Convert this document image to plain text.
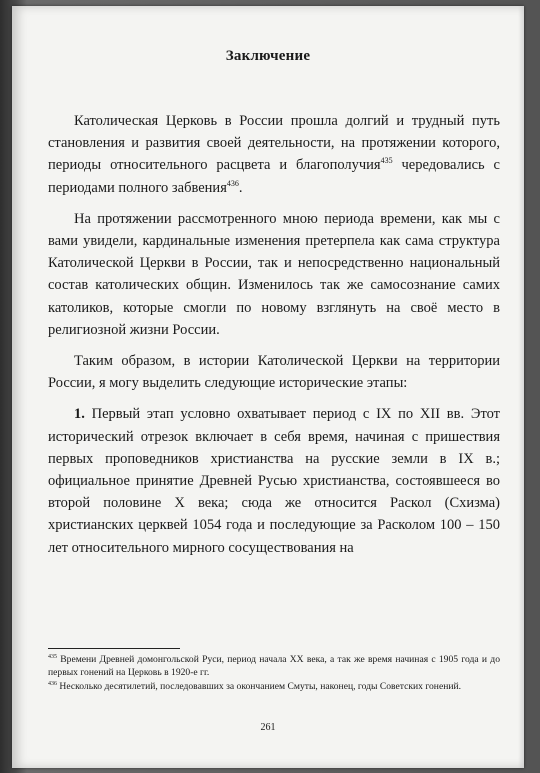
Заключение

Католическая Церковь в России прошла долгий и трудный путь становления и развития своей деятельности, на протяжении которого, периоды относительного расцвета и благополучия$^{435}$ чередовались с периодами полного забвения$^{436}$.

На протяжении рассмотренного мною периода времени, как мы с вами увидели, кардинальные изменения претерпела как сама структура Католической Церкви в России, так и непосредственно национальный состав католических общин. Изменилось так же самосознание самих католиков, которые смогли по новому взглянуть на своё место в религиозной жизни России.

Таким образом, в истории Католической Церкви на территории России, я могу выделить следующие исторические этапы:

1. Первый этап условно охватывает период с IX по XII вв. Этот исторический отрезок включает в себя время, начиная с пришествия первых проповедников христианства на русские земли в IX в.; официальное принятие Древней Русью христианства, состоявшееся во второй половине X века; сюда же относится Раскол (Схизма) христианских церквей 1054 года и последующие за Расколом 100 – 150 лет относительного мирного сосуществования на

$^{435}$ Времени Древней домонгольской Руси, период начала XX века, а так же время начиная с 1905 года и до первых гонений на Церковь в 1920-е гг.

$^{436}$ Несколько десятилетий, последовавших за окончанием Смуты, наконец, годы Советских гонений.

261
